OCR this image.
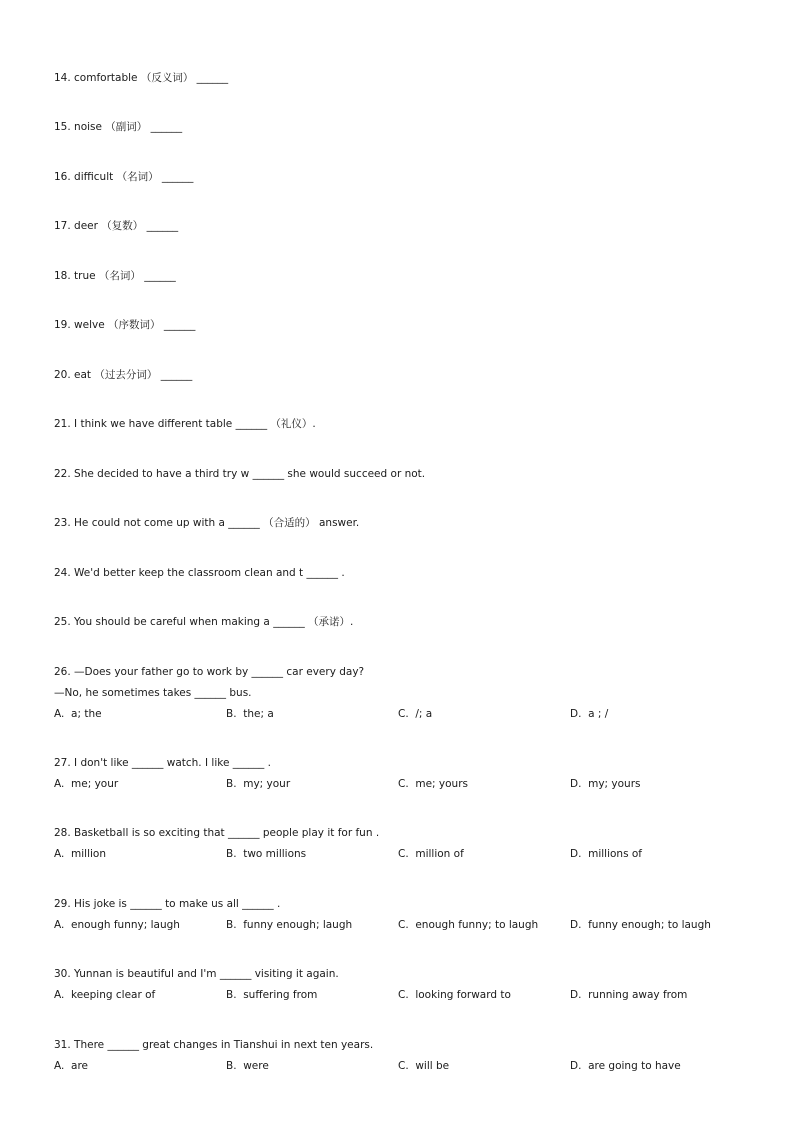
14. comfortable （反义词） ______
15. noise （副词） ______
16. difficult （名词） ______
17. deer （复数） ______
18. true （名词） ______
19. welve （序数词） ______
20. eat （过去分词） ______
21. I think we have different table ______ （礼仪）.
22. She decided to have a third try w ______ she would succeed or not.
23. He could not come up with a ______ （合适的） answer.
24. We'd better keep the classroom clean and t ______ .
25. You should be careful when making a ______ （承诺）.
26. —Does your father go to work by ______ car every day?
—No, he sometimes takes ______ bus.
A.  a; the	B.  the; a	C.  /; a	D.  a ; /
27. I don't like ______ watch. I like ______ .
A.  me; your	B.  my; your	C.  me; yours	D.  my; yours
28. Basketball is so exciting that ______ people play it for fun .
A.  million	B.  two millions	C.  million of	D.  millions of
29. His joke is ______ to make us all ______ .
A.  enough funny; laugh	B.  funny enough; laugh	C.  enough funny; to laugh	D.  funny enough; to laugh
30. Yunnan is beautiful and I'm ______ visiting it again.
A.  keeping clear of	B.  suffering from	C.  looking forward to	D.  running away from
31. There ______ great changes in Tianshui in next ten years.
A.  are	B.  were	C.  will be	D.  are going to have
